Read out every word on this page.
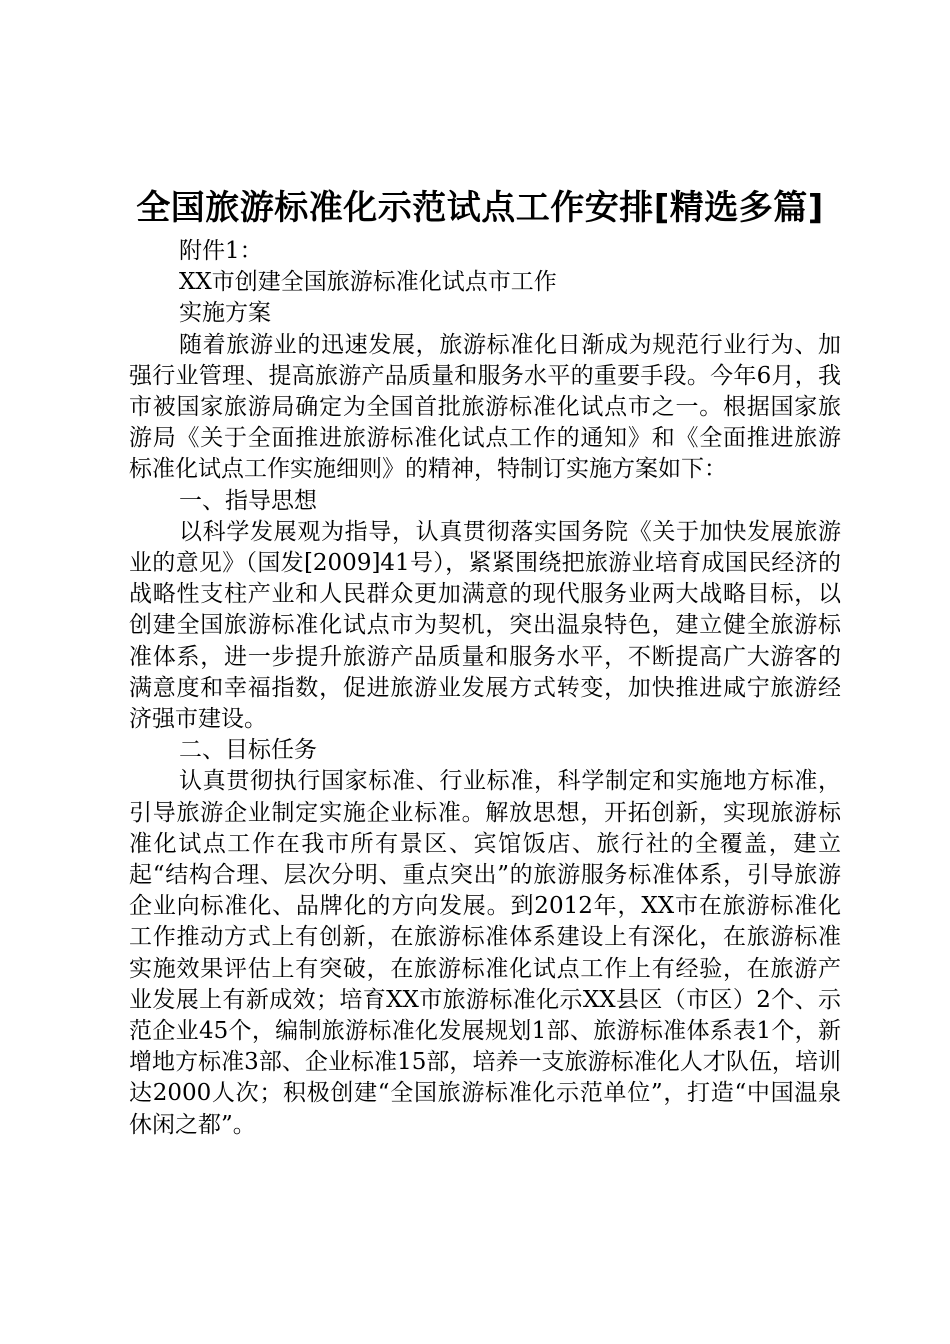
全国旅游标准化示范试点工作安排[精选多篇]

附件1：

XX市创建全国旅游标准化试点市工作

实施方案

随着旅游业的迅速发展，旅游标准化日渐成为规范行业行为、加强行业管理、提高旅游产品质量和服务水平的重要手段。今年6月，我市被国家旅游局确定为全国首批旅游标准化试点市之一。根据国家旅游局《关于全面推进旅游标准化试点工作的通知》和《全面推进旅游标准化试点工作实施细则》的精神，特制订实施方案如下：

一、指导思想

以科学发展观为指导，认真贯彻落实国务院《关于加快发展旅游业的意见》（国发[2009]41号），紧紧围绕把旅游业培育成国民经济的战略性支柱产业和人民群众更加满意的现代服务业两大战略目标，以创建全国旅游标准化试点市为契机，突出温泉特色，建立健全旅游标准体系，进一步提升旅游产品质量和服务水平，不断提高广大游客的满意度和幸福指数，促进旅游业发展方式转变，加快推进咸宁旅游经济强市建设。

二、目标任务

认真贯彻执行国家标准、行业标准，科学制定和实施地方标准，引导旅游企业制定实施企业标准。解放思想，开拓创新，实现旅游标准化试点工作在我市所有景区、宾馆饭店、旅行社的全覆盖，建立起“结构合理、层次分明、重点突出”的旅游服务标准体系，引导旅游企业向标准化、品牌化的方向发展。到2012年，XX市在旅游标准化工作推动方式上有创新，在旅游标准体系建设上有深化，在旅游标准实施效果评估上有突破，在旅游标准化试点工作上有经验，在旅游产业发展上有新成效；培育XX市旅游标准化示XX县区（市区）2个、示范企业45个，编制旅游标准化发展规划1部、旅游标准体系表1个，新增地方标准3部、企业标准15部，培养一支旅游标准化人才队伍，培训达2000人次；积极创建“全国旅游标准化示范单位”，打造“中国温泉休闲之都”。
